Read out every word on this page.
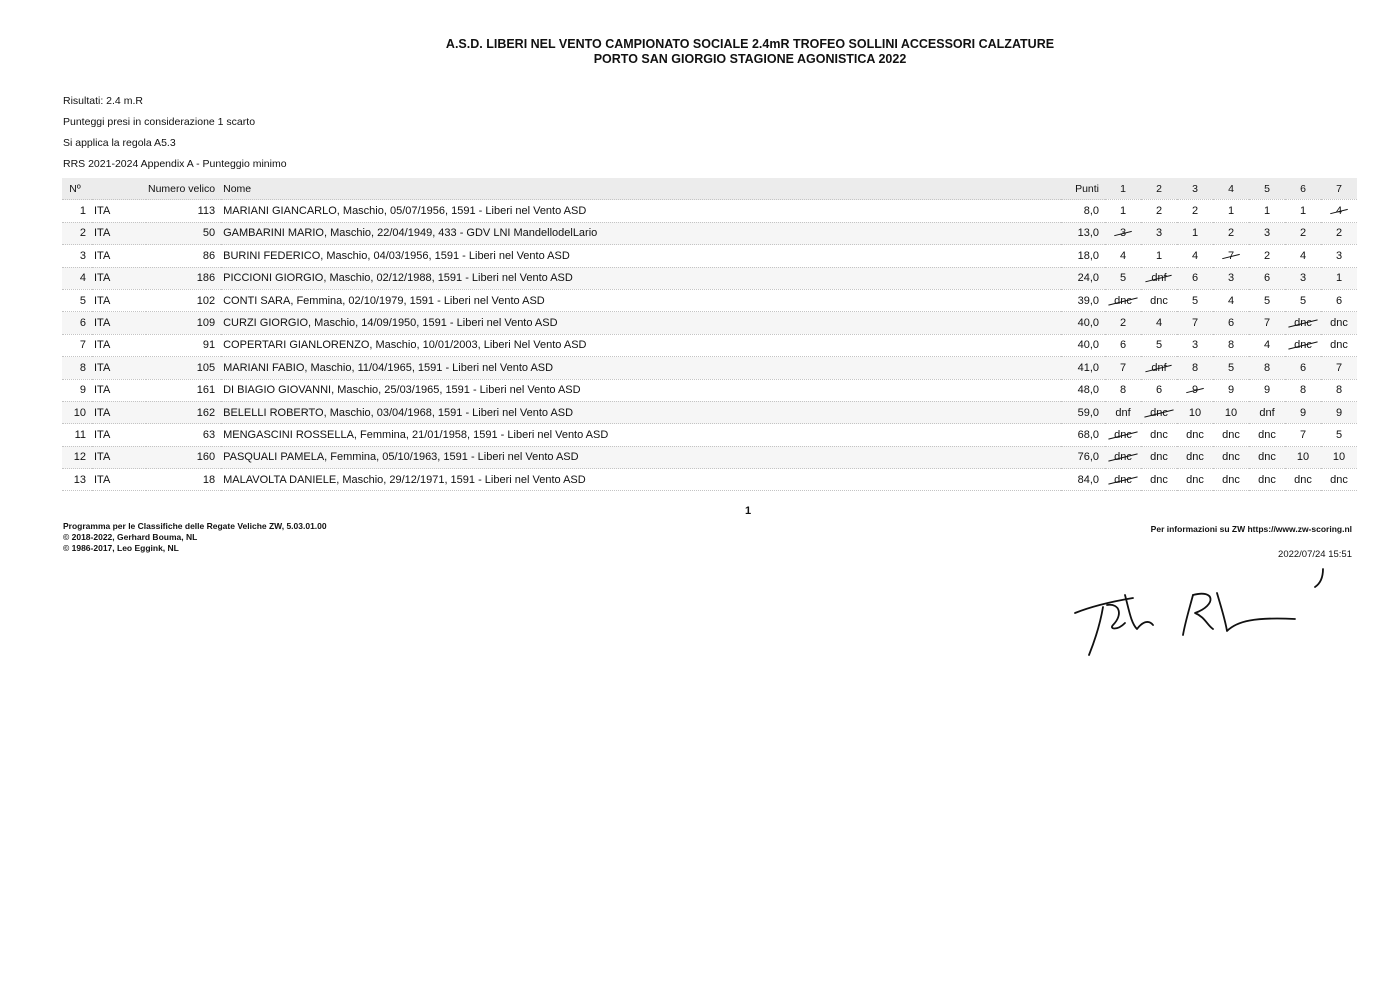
A.S.D. LIBERI NEL VENTO CAMPIONATO SOCIALE 2.4mR TROFEO SOLLINI ACCESSORI CALZATURE
PORTO SAN GIORGIO STAGIONE AGONISTICA 2022
Risultati: 2.4 m.R
Punteggi presi in considerazione 1 scarto
Si applica la regola A5.3
RRS 2021-2024 Appendix A - Punteggio minimo
Nº		Numero velico	Nome	Punti	1	2	3	4	5	6	7
1	ITA	113	MARIANI GIANCARLO, Maschio, 05/07/1956, 1591 - Liberi nel Vento ASD	8,0	1	2	2	1	1	1	4
2	ITA	50	GAMBARINI MARIO, Maschio, 22/04/1949, 433 - GDV LNI MandellodelLario	13,0	3	3	1	2	3	2	2
3	ITA	86	BURINI FEDERICO, Maschio, 04/03/1956, 1591 - Liberi nel Vento ASD	18,0	4	1	4	7	2	4	3
4	ITA	186	PICCIONI GIORGIO, Maschio, 02/12/1988, 1591 - Liberi nel Vento ASD	24,0	5	dnf	6	3	6	3	1
5	ITA	102	CONTI SARA, Femmina, 02/10/1979, 1591 - Liberi nel Vento ASD	39,0	dnc	dnc	5	4	5	5	6
6	ITA	109	CURZI GIORGIO, Maschio, 14/09/1950, 1591 - Liberi nel Vento ASD	40,0	2	4	7	6	7	dnc	dnc
7	ITA	91	COPERTARI GIANLORENZO, Maschio, 10/01/2003, Liberi Nel Vento ASD	40,0	6	5	3	8	4	dnc	dnc
8	ITA	105	MARIANI FABIO, Maschio, 11/04/1965, 1591 - Liberi nel Vento ASD	41,0	7	dnf	8	5	8	6	7
9	ITA	161	DI BIAGIO GIOVANNI, Maschio, 25/03/1965, 1591 - Liberi nel Vento ASD	48,0	8	6	9	9	9	8	8
10	ITA	162	BELELLI ROBERTO, Maschio, 03/04/1968, 1591 - Liberi nel Vento ASD	59,0	dnf	dnc	10	10	dnf	9	9
11	ITA	63	MENGASCINI ROSSELLA, Femmina, 21/01/1958, 1591 - Liberi nel Vento ASD	68,0	dnc	dnc	dnc	dnc	dnc	7	5
12	ITA	160	PASQUALI PAMELA, Femmina, 05/10/1963, 1591 - Liberi nel Vento ASD	76,0	dnc	dnc	dnc	dnc	dnc	10	10
13	ITA	18	MALAVOLTA DANIELE, Maschio, 29/12/1971, 1591 - Liberi nel Vento ASD	84,0	dnc	dnc	dnc	dnc	dnc	dnc	dnc
1
Programma per le Classifiche delle Regate Veliche ZW, 5.03.01.00
© 2018-2022, Gerhard Bouma, NL
© 1986-2017, Leo Eggink, NL
Per informazioni su ZW https://www.zw-scoring.nl
2022/07/24 15:51
